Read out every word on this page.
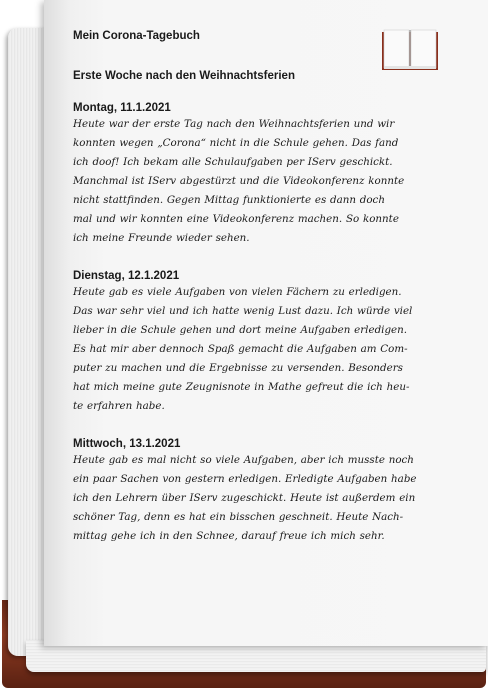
Mein Corona-Tagebuch

Erste Woche nach den Weihnachtsferien

Montag, 11.1.2021

Heute war der erste Tag nach den Weihnachtsferien und wir
konnten wegen „Corona“ nicht in die Schule gehen. Das fand
ich doof! Ich bekam alle Schulaufgaben per IServ geschickt.
Manchmal ist IServ abgestürzt und die Videokonferenz konnte
nicht stattfinden. Gegen Mittag funktionierte es dann doch
mal und wir konnten eine Videokonferenz machen. So konnte
ich meine Freunde wieder sehen.

Dienstag, 12.1.2021

Heute gab es viele Aufgaben von vielen Fächern zu erledigen.
Das war sehr viel und ich hatte wenig Lust dazu. Ich würde viel
lieber in die Schule gehen und dort meine Aufgaben erledigen.
Es hat mir aber dennoch Spaß gemacht die Aufgaben am Com-
puter zu machen und die Ergebnisse zu versenden. Besonders
hat mich meine gute Zeugnisnote in Mathe gefreut die ich heu-
te erfahren habe.

Mittwoch, 13.1.2021

Heute gab es mal nicht so viele Aufgaben, aber ich musste noch
ein paar Sachen von gestern erledigen. Erledigte Aufgaben habe
ich den Lehrern über IServ zugeschickt. Heute ist außerdem ein
schöner Tag, denn es hat ein bisschen geschneit. Heute Nach-
mittag gehe ich in den Schnee, darauf freue ich mich sehr.
